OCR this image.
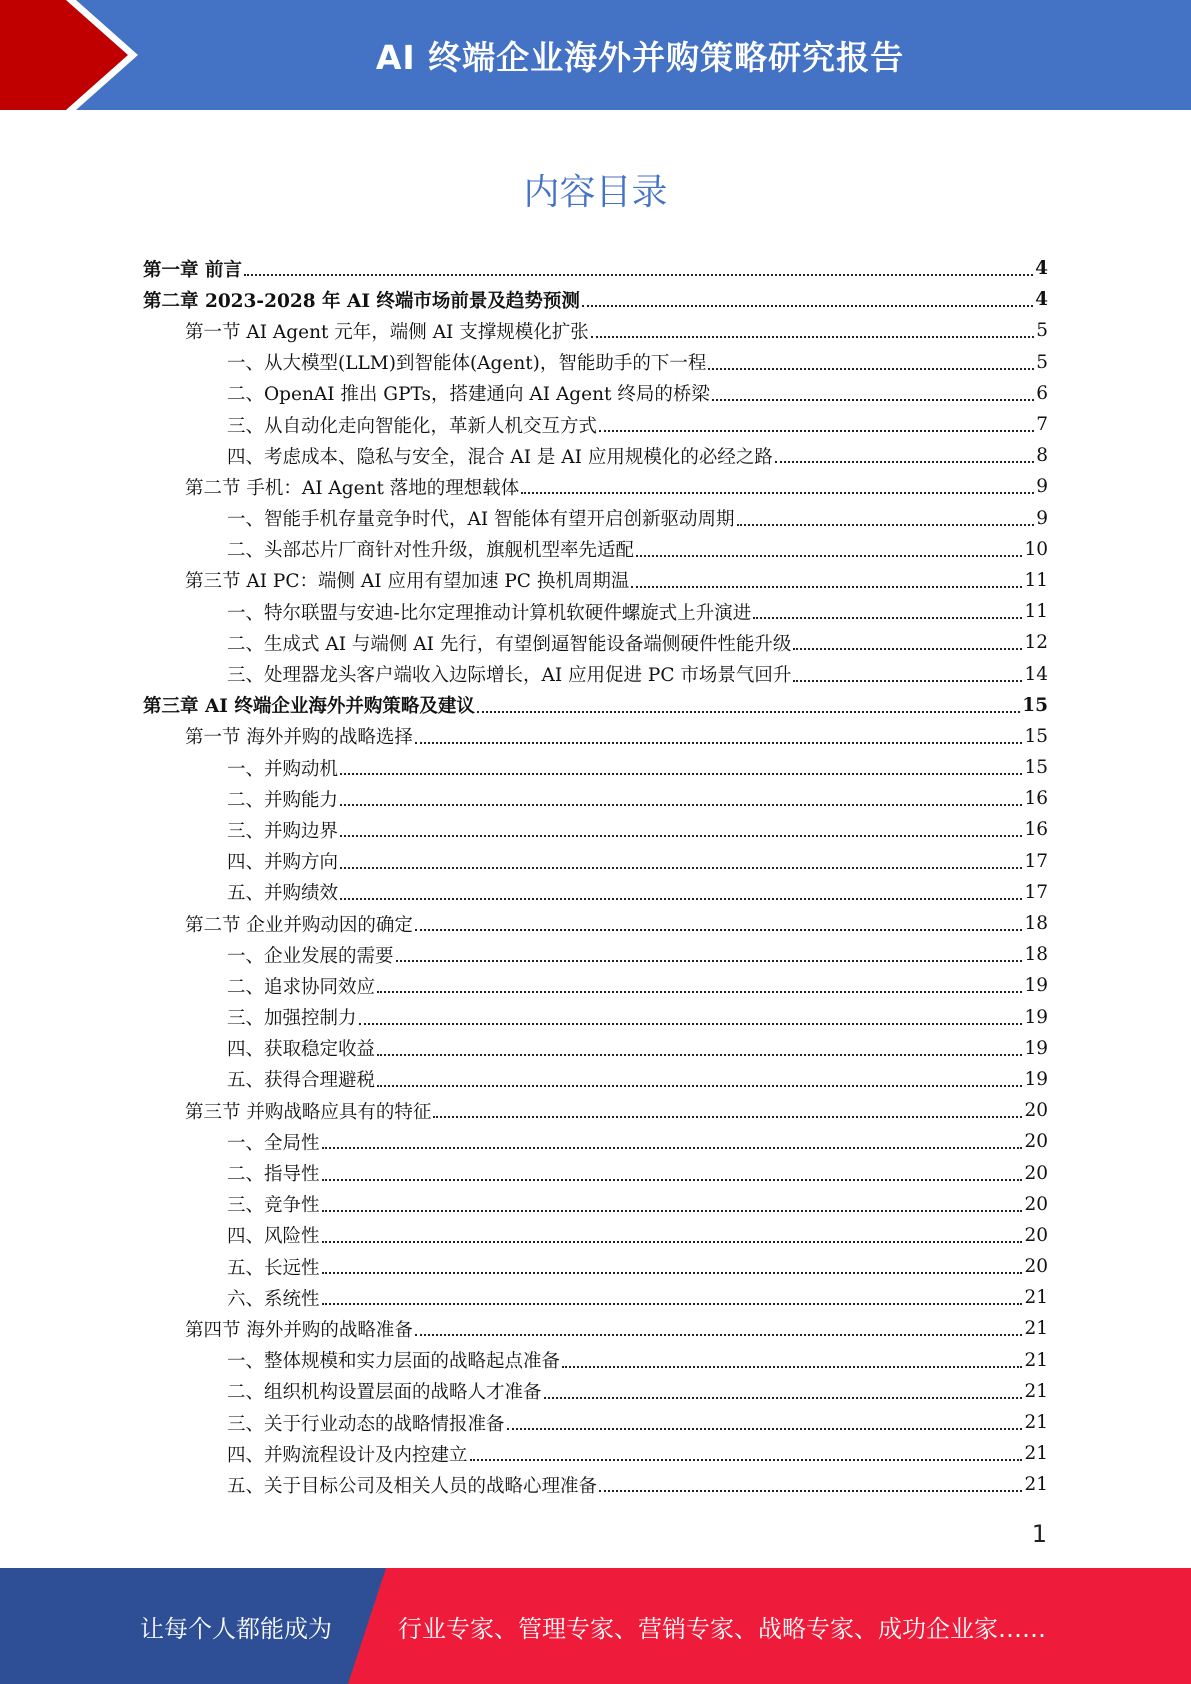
AI 终端企业海外并购策略研究报告
内容目录
第一章 前言	4
第二章 2023-2028 年 AI 终端市场前景及趋势预测	4
第一节 AI Agent 元年，端侧 AI 支撑规模化扩张	5
一、从大模型(LLM)到智能体(Agent)，智能助手的下一程	5
二、OpenAI 推出 GPTs，搭建通向 AI Agent 终局的桥梁	6
三、从自动化走向智能化，革新人机交互方式	7
四、考虑成本、隐私与安全，混合 AI 是 AI 应用规模化的必经之路	8
第二节 手机：AI Agent 落地的理想载体	9
一、智能手机存量竞争时代，AI 智能体有望开启创新驱动周期	9
二、头部芯片厂商针对性升级，旗舰机型率先适配	10
第三节 AI PC：端侧 AI 应用有望加速 PC 换机周期温	11
一、特尔联盟与安迪-比尔定理推动计算机软硬件螺旋式上升演进	11
二、生成式 AI 与端侧 AI 先行，有望倒逼智能设备端侧硬件性能升级	12
三、处理器龙头客户端收入边际增长，AI 应用促进 PC 市场景气回升	14
第三章 AI 终端企业海外并购策略及建议	15
第一节 海外并购的战略选择	15
一、并购动机	15
二、并购能力	16
三、并购边界	16
四、并购方向	17
五、并购绩效	17
第二节 企业并购动因的确定	18
一、企业发展的需要	18
二、追求协同效应	19
三、加强控制力	19
四、获取稳定收益	19
五、获得合理避税	19
第三节 并购战略应具有的特征	20
一、全局性	20
二、指导性	20
三、竞争性	20
四、风险性	20
五、长远性	20
六、系统性	21
第四节 海外并购的战略准备	21
一、整体规模和实力层面的战略起点准备	21
二、组织机构设置层面的战略人才准备	21
三、关于行业动态的战略情报准备	21
四、并购流程设计及内控建立	21
五、关于目标公司及相关人员的战略心理准备	21
1
让每个人都能成为	行业专家、管理专家、营销专家、战略专家、成功企业家……
